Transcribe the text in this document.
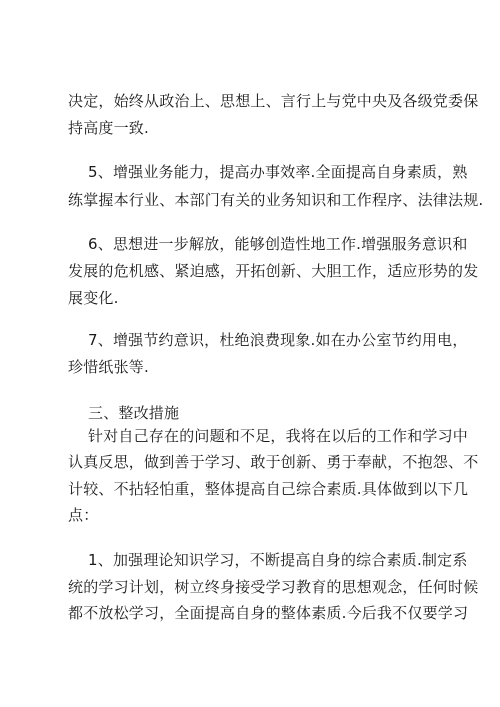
决定，始终从政治上、思想上、言行上与党中央及各级党委保
持高度一致.
5、增强业务能力，提高办事效率.全面提高自身素质，熟
练掌握本行业、本部门有关的业务知识和工作程序、法律法规.
6、思想进一步解放，能够创造性地工作.增强服务意识和
发展的危机感、紧迫感，开拓创新、大胆工作，适应形势的发
展变化.
7、增强节约意识，杜绝浪费现象.如在办公室节约用电，
珍惜纸张等.
三、整改措施
针对自己存在的问题和不足，我将在以后的工作和学习中
认真反思，做到善于学习、敢于创新、勇于奉献，不抱怨、不
计较、不拈轻怕重，整体提高自己综合素质.具体做到以下几
点：
1、加强理论知识学习，不断提高自身的综合素质.制定系
统的学习计划，树立终身接受学习教育的思想观念，任何时候
都不放松学习，全面提高自身的整体素质.今后我不仅要学习
